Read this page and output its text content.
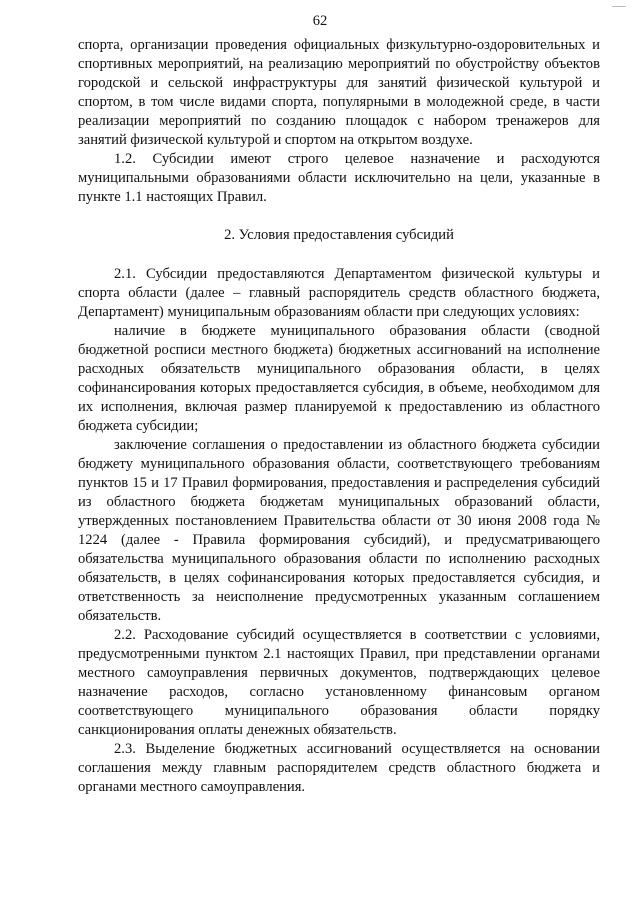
62

спорта, организации проведения официальных физкультурно-оздоровительных и спортивных мероприятий, на реализацию мероприятий по обустройству объектов городской и сельской инфраструктуры для занятий физической культурой и спортом, в том числе видами спорта, популярными в молодежной среде, в части реализации мероприятий по созданию площадок с набором тренажеров для занятий физической культурой и спортом на открытом воздухе.

1.2. Субсидии имеют строго целевое назначение и расходуются муниципальными образованиями области исключительно на цели, указанные в пункте 1.1 настоящих Правил.

2. Условия предоставления субсидий

2.1. Субсидии предоставляются Департаментом физической культуры и спорта области (далее – главный распорядитель средств областного бюджета, Департамент) муниципальным образованиям области при следующих условиях:

наличие в бюджете муниципального образования области (сводной бюджетной росписи местного бюджета) бюджетных ассигнований на исполнение расходных обязательств муниципального образования области, в целях софинансирования которых предоставляется субсидия, в объеме, необходимом для их исполнения, включая размер планируемой к предоставлению из областного бюджета субсидии;

заключение соглашения о предоставлении из областного бюджета субсидии бюджету муниципального образования области, соответствующего требованиям пунктов 15 и 17 Правил формирования, предоставления и распределения субсидий из областного бюджета бюджетам муниципальных образований области, утвержденных постановлением Правительства области от 30 июня 2008 года № 1224 (далее - Правила формирования субсидий), и предусматривающего обязательства муниципального образования области по исполнению расходных обязательств, в целях софинансирования которых предоставляется субсидия, и ответственность за неисполнение предусмотренных указанным соглашением обязательств.

2.2. Расходование субсидий осуществляется в соответствии с условиями, предусмотренными пунктом 2.1 настоящих Правил, при представлении органами местного самоуправления первичных документов, подтверждающих целевое назначение расходов, согласно установленному финансовым органом соответствующего муниципального образования области порядку санкционирования оплаты денежных обязательств.

2.3. Выделение бюджетных ассигнований осуществляется на основании соглашения между главным распорядителем средств областного бюджета и органами местного самоуправления.
